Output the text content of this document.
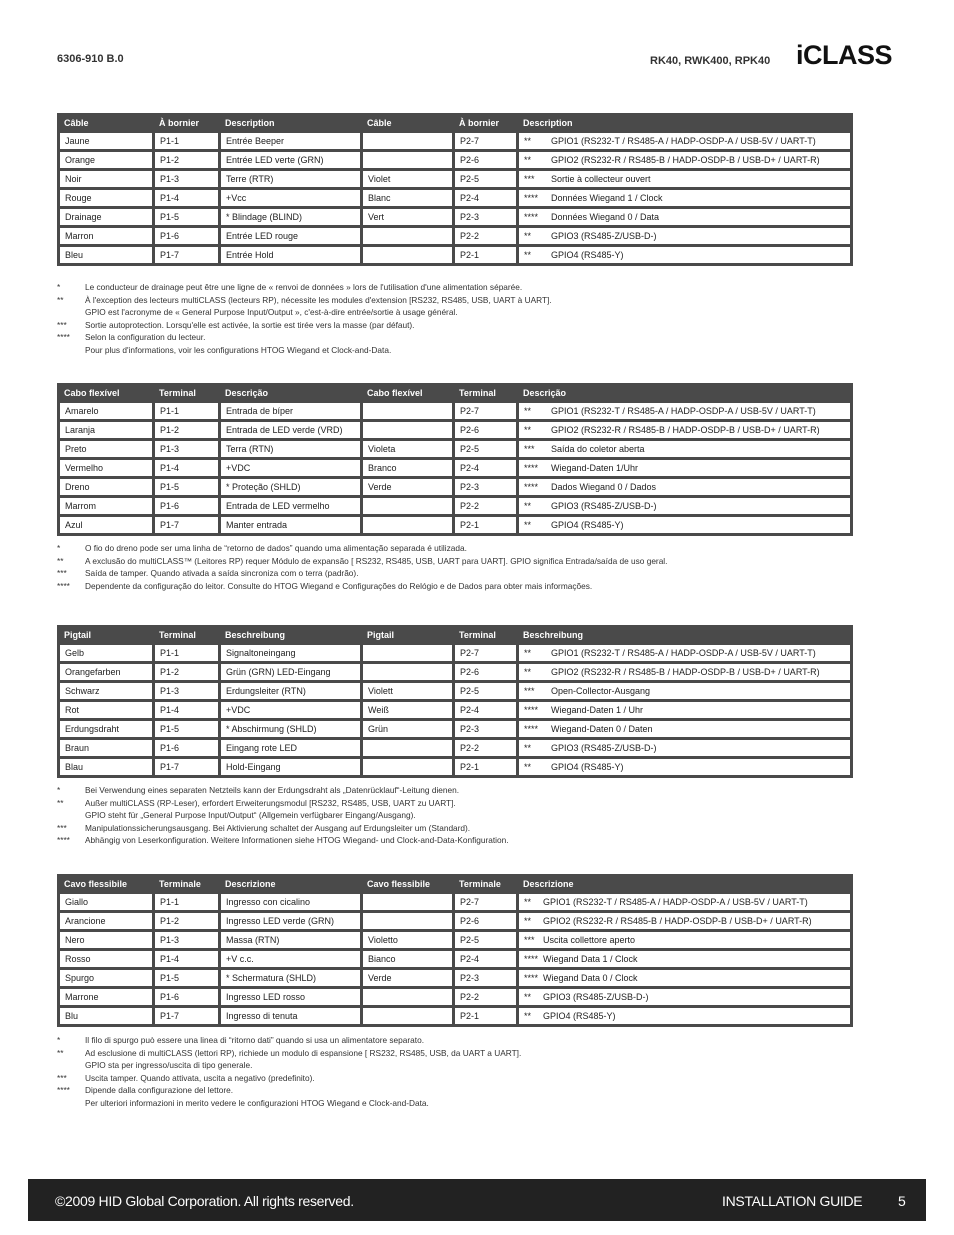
6306-910 B.0	RK40, RWK400, RPK40 iCLASS
Câble	À bornier	Description	Câble	À bornier	Description
Jaune	P1-1	Entrée Beeper		P2-7	** GPIO1 (RS232-T / RS485-A / HADP-OSDP-A / USB-5V / UART-T)
Orange	P1-2	Entrée LED verte (GRN)		P2-6	** GPIO2 (RS232-R / RS485-B / HADP-OSDP-B / USB-D+ / UART-R)
Noir	P1-3	Terre (RTR)	Violet	P2-5	*** Sortie à collecteur ouvert
Rouge	P1-4	+Vcc	Blanc	P2-4	**** Données Wiegand 1 / Clock
Drainage	P1-5	* Blindage (BLIND)	Vert	P2-3	**** Données Wiegand 0 / Data
Marron	P1-6	Entrée LED rouge		P2-2	** GPIO3 (RS485-Z/USB-D-)
Bleu	P1-7	Entrée Hold		P2-1	** GPIO4 (RS485-Y)
*	Le conducteur de drainage peut être une ligne de « renvoi de données » lors de l'utilisation d'une alimentation séparée.
**	À l'exception des lecteurs multiCLASS (lecteurs RP), nécessite les modules d'extension [RS232, RS485, USB, UART à UART].
GPIO est l'acronyme de « General Purpose Input/Output », c'est-à-dire entrée/sortie à usage général.
***	Sortie autoprotection. Lorsqu'elle est activée, la sortie est tirée vers la masse (par défaut).
****	Selon la configuration du lecteur.
Pour plus d'informations, voir les configurations HTOG Wiegand et Clock-and-Data.
Cabo flexível	Terminal	Descrição	Cabo flexível	Terminal	Descrição
Amarelo	P1-1	Entrada de bíper		P2-7	** GPIO1 (RS232-T / RS485-A / HADP-OSDP-A / USB-5V / UART-T)
Laranja	P1-2	Entrada de LED verde (VRD)		P2-6	** GPIO2 (RS232-R / RS485-B / HADP-OSDP-B / USB-D+ / UART-R)
Preto	P1-3	Terra (RTN)	Violeta	P2-5	*** Saída do coletor aberta
Vermelho	P1-4	+VDC	Branco	P2-4	**** Wiegand-Daten 1/Uhr
Dreno	P1-5	* Proteção (SHLD)	Verde	P2-3	**** Dados Wiegand 0 / Dados
Marrom	P1-6	Entrada de LED vermelho		P2-2	** GPIO3 (RS485-Z/USB-D-)
Azul	P1-7	Manter entrada		P2-1	** GPIO4 (RS485-Y)
*	O fio do dreno pode ser uma linha de “retorno de dados” quando uma alimentação separada é utilizada.
**	A exclusão do multiCLASS™ (Leitores RP) requer Módulo de expansão [ RS232, RS485, USB, UART para UART]. GPIO significa Entrada/saída de uso geral.
***	Saída de tamper. Quando ativada a saída sincroniza com o terra (padrão).
****	Dependente da configuração do leitor. Consulte do HTOG Wiegand e Configurações do Relógio e de Dados para obter mais informações.
Pigtail	Terminal	Beschreibung	Pigtail	Terminal	Beschreibung
Gelb	P1-1	Signaltoneingang		P2-7	** GPIO1 (RS232-T / RS485-A / HADP-OSDP-A / USB-5V / UART-T)
Orangefarben	P1-2	Grün (GRN) LED-Eingang		P2-6	** GPIO2 (RS232-R / RS485-B / HADP-OSDP-B / USB-D+ / UART-R)
Schwarz	P1-3	Erdungsleiter (RTN)	Violett	P2-5	*** Open-Collector-Ausgang
Rot	P1-4	+VDC	Weiß	P2-4	**** Wiegand-Daten 1 / Uhr
Erdungsdraht	P1-5	* Abschirmung (SHLD)	Grün	P2-3	**** Wiegand-Daten 0 / Daten
Braun	P1-6	Eingang rote LED		P2-2	** GPIO3 (RS485-Z/USB-D-)
Blau	P1-7	Hold-Eingang		P2-1	** GPIO4 (RS485-Y)
*	Bei Verwendung eines separaten Netzteils kann der Erdungsdraht als „Datenrücklauf“-Leitung dienen.
**	Außer multiCLASS (RP-Leser), erfordert Erweiterungsmodul [RS232, RS485, USB, UART zu UART].
GPIO steht für „General Purpose Input/Output“ (Allgemein verfügbarer Eingang/Ausgang).
***	Manipulationssicherungsausgang. Bei Aktivierung schaltet der Ausgang auf Erdungsleiter um (Standard).
****	Abhängig von Leserkonfiguration. Weitere Informationen siehe HTOG Wiegand- und Clock-and-Data-Konfiguration.
Cavo flessibile	Terminale	Descrizione	Cavo flessibile	Terminale	Descrizione
Giallo	P1-1	Ingresso con cicalino		P2-7	** GPIO1 (RS232-T / RS485-A / HADP-OSDP-A / USB-5V / UART-T)
Arancione	P1-2	Ingresso LED verde (GRN)		P2-6	** GPIO2 (RS232-R / RS485-B / HADP-OSDP-B / USB-D+ / UART-R)
Nero	P1-3	Massa (RTN)	Violetto	P2-5	*** Uscita collettore aperto
Rosso	P1-4	+V c.c.	Bianco	P2-4	**** Wiegand Data 1 / Clock
Spurgo	P1-5	* Schermatura (SHLD)	Verde	P2-3	**** Wiegand Data 0 / Clock
Marrone	P1-6	Ingresso LED rosso		P2-2	** GPIO3 (RS485-Z/USB-D-)
Blu	P1-7	Ingresso di tenuta		P2-1	** GPIO4 (RS485-Y)
*	Il filo di spurgo può essere una linea di “ritorno dati” quando si usa un alimentatore separato.
**	Ad esclusione di multiCLASS (lettori RP), richiede un modulo di espansione [ RS232, RS485, USB, da UART a UART].
GPIO sta per ingresso/uscita di tipo generale.
***	Uscita tamper. Quando attivata, uscita a negativo (predefinito).
****	Dipende dalla configurazione del lettore.
Per ulteriori informazioni in merito vedere le configurazioni HTOG Wiegand e Clock-and-Data.
©2009 HID Global Corporation. All rights reserved.	INSTALLATION GUIDE	5
